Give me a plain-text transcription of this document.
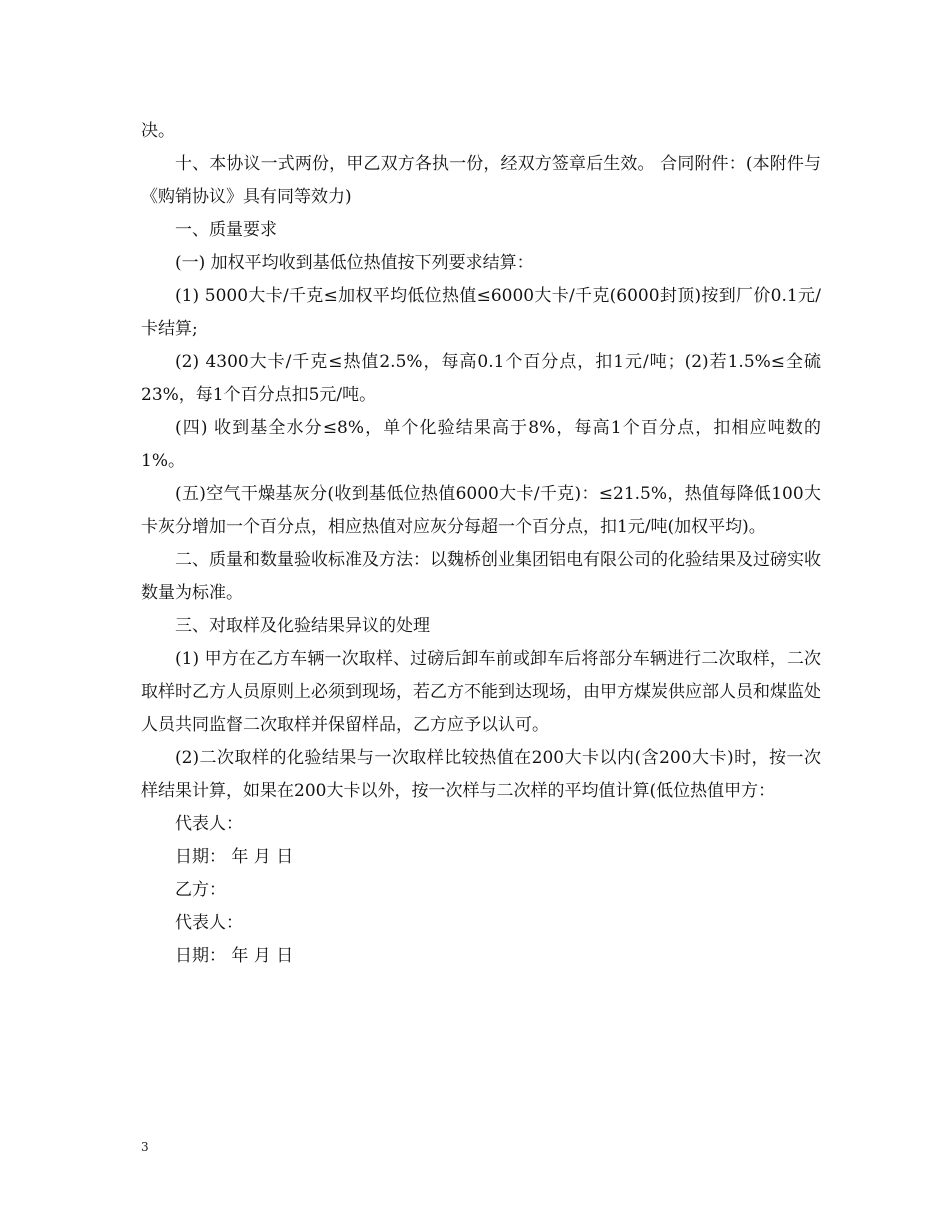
决。

十、本协议一式两份，甲乙双方各执一份，经双方签章后生效。 合同附件：(本附件与《购销协议》具有同等效力)

一、质量要求

(一) 加权平均收到基低位热值按下列要求结算：

(1) 5000大卡/千克≤加权平均低位热值≤6000大卡/千克(6000封顶)按到厂价0.1元/卡结算;

(2) 4300大卡/千克≤热值2.5%，每高0.1个百分点，扣1元/吨；(2)若1.5%≤全硫23%，每1个百分点扣5元/吨。

(四) 收到基全水分≤8%，单个化验结果高于8%，每高1个百分点，扣相应吨数的1%。

(五)空气干燥基灰分(收到基低位热值6000大卡/千克)：≤21.5%，热值每降低100大卡灰分增加一个百分点，相应热值对应灰分每超一个百分点，扣1元/吨(加权平均)。

二、质量和数量验收标准及方法：以魏桥创业集团铝电有限公司的化验结果及过磅实收数量为标准。

三、对取样及化验结果异议的处理

(1) 甲方在乙方车辆一次取样、过磅后卸车前或卸车后将部分车辆进行二次取样，二次取样时乙方人员原则上必须到现场，若乙方不能到达现场，由甲方煤炭供应部人员和煤监处人员共同监督二次取样并保留样品，乙方应予以认可。

(2)二次取样的化验结果与一次取样比较热值在200大卡以内(含200大卡)时，按一次样结果计算，如果在200大卡以外，按一次样与二次样的平均值计算(低位热值甲方：

代表人：

日期： 年 月 日

乙方：

代表人：

日期： 年 月 日

3
